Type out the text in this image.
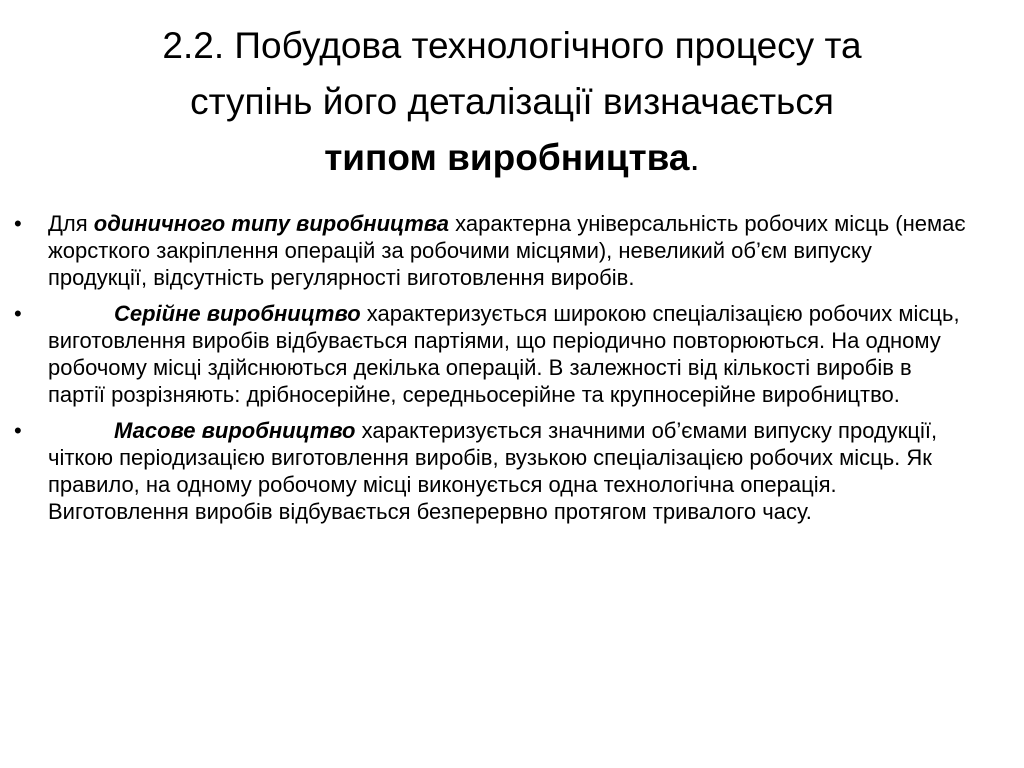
2.2. Побудова технологічного процесу та
ступінь його деталізації визначається
типом виробництва.
•	Для одиничного типу виробництва характерна універсальність робочих місць (немає жорсткого закріплення операцій за робочими місцями), невеликий об’єм випуску продукції, відсутність регулярності виготовлення виробів.
•	Серійне виробництво характеризується широкою спеціалізацією робочих місць, виготовлення виробів відбувається партіями, що періодично повторюються. На одному робочому місці здійснюються декілька операцій. В залежності від кількості виробів в партії розрізняють: дрібносерійне, середньосерійне та крупносерійне виробництво.
•	Масове виробництво характеризується значними об’ємами випуску продукції, чіткою періодизацією виготовлення виробів, вузькою спеціалізацією робочих місць. Як правило, на одному робочому місці виконується одна технологічна операція. Виготовлення виробів відбувається безперервно протягом тривалого часу.
